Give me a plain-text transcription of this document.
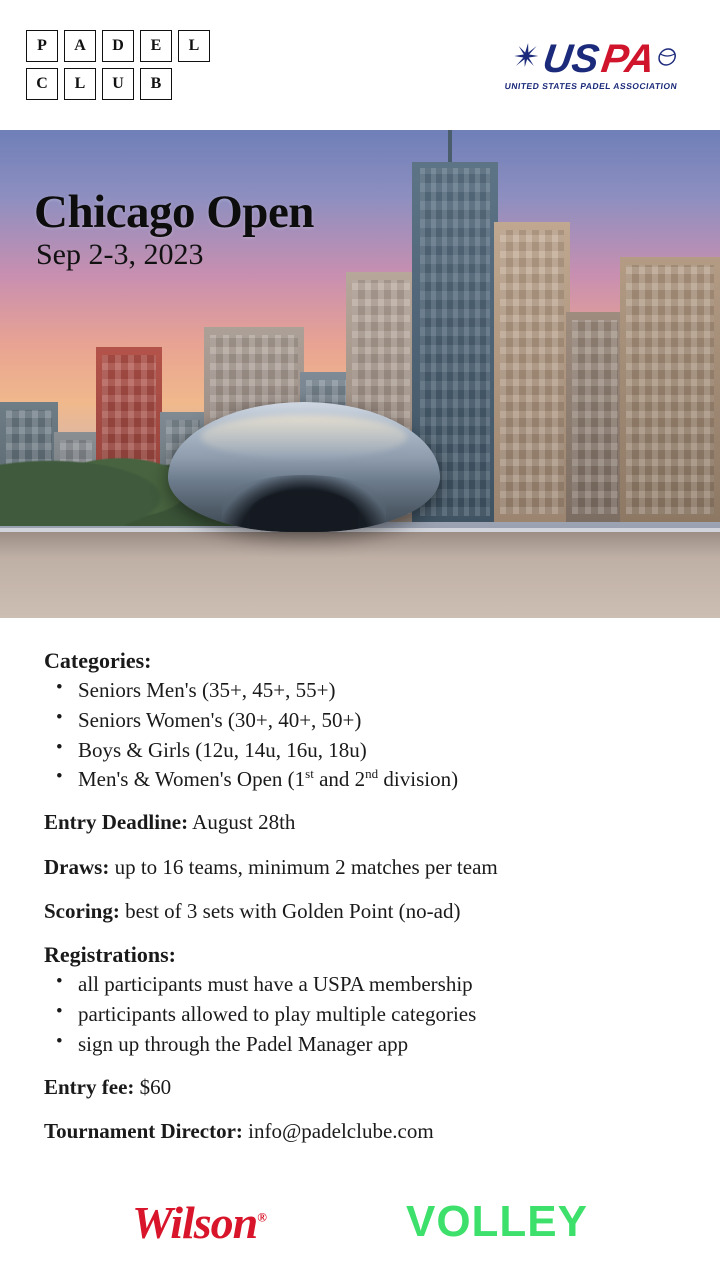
P	A	D	E	L
C	L	U	B
US
PA
UNITED STATES PADEL ASSOCIATION
Chicago Open
Sep 2-3, 2023
Categories:
• Seniors Men's (35+, 45+, 55+)
• Seniors Women's (30+, 40+, 50+)
• Boys & Girls (12u, 14u, 16u, 18u)
• Men's & Women's Open (1st and 2nd division)

Entry Deadline: August 28th

Draws: up to 16 teams, minimum 2 matches per team

Scoring: best of 3 sets with Golden Point (no-ad)

Registrations:
• all participants must have a USPA membership
• participants allowed to play multiple categories
• sign up through the Padel Manager app

Entry fee: $60

Tournament Director: info@padelclube.com

Wilson®	VOLLEY
